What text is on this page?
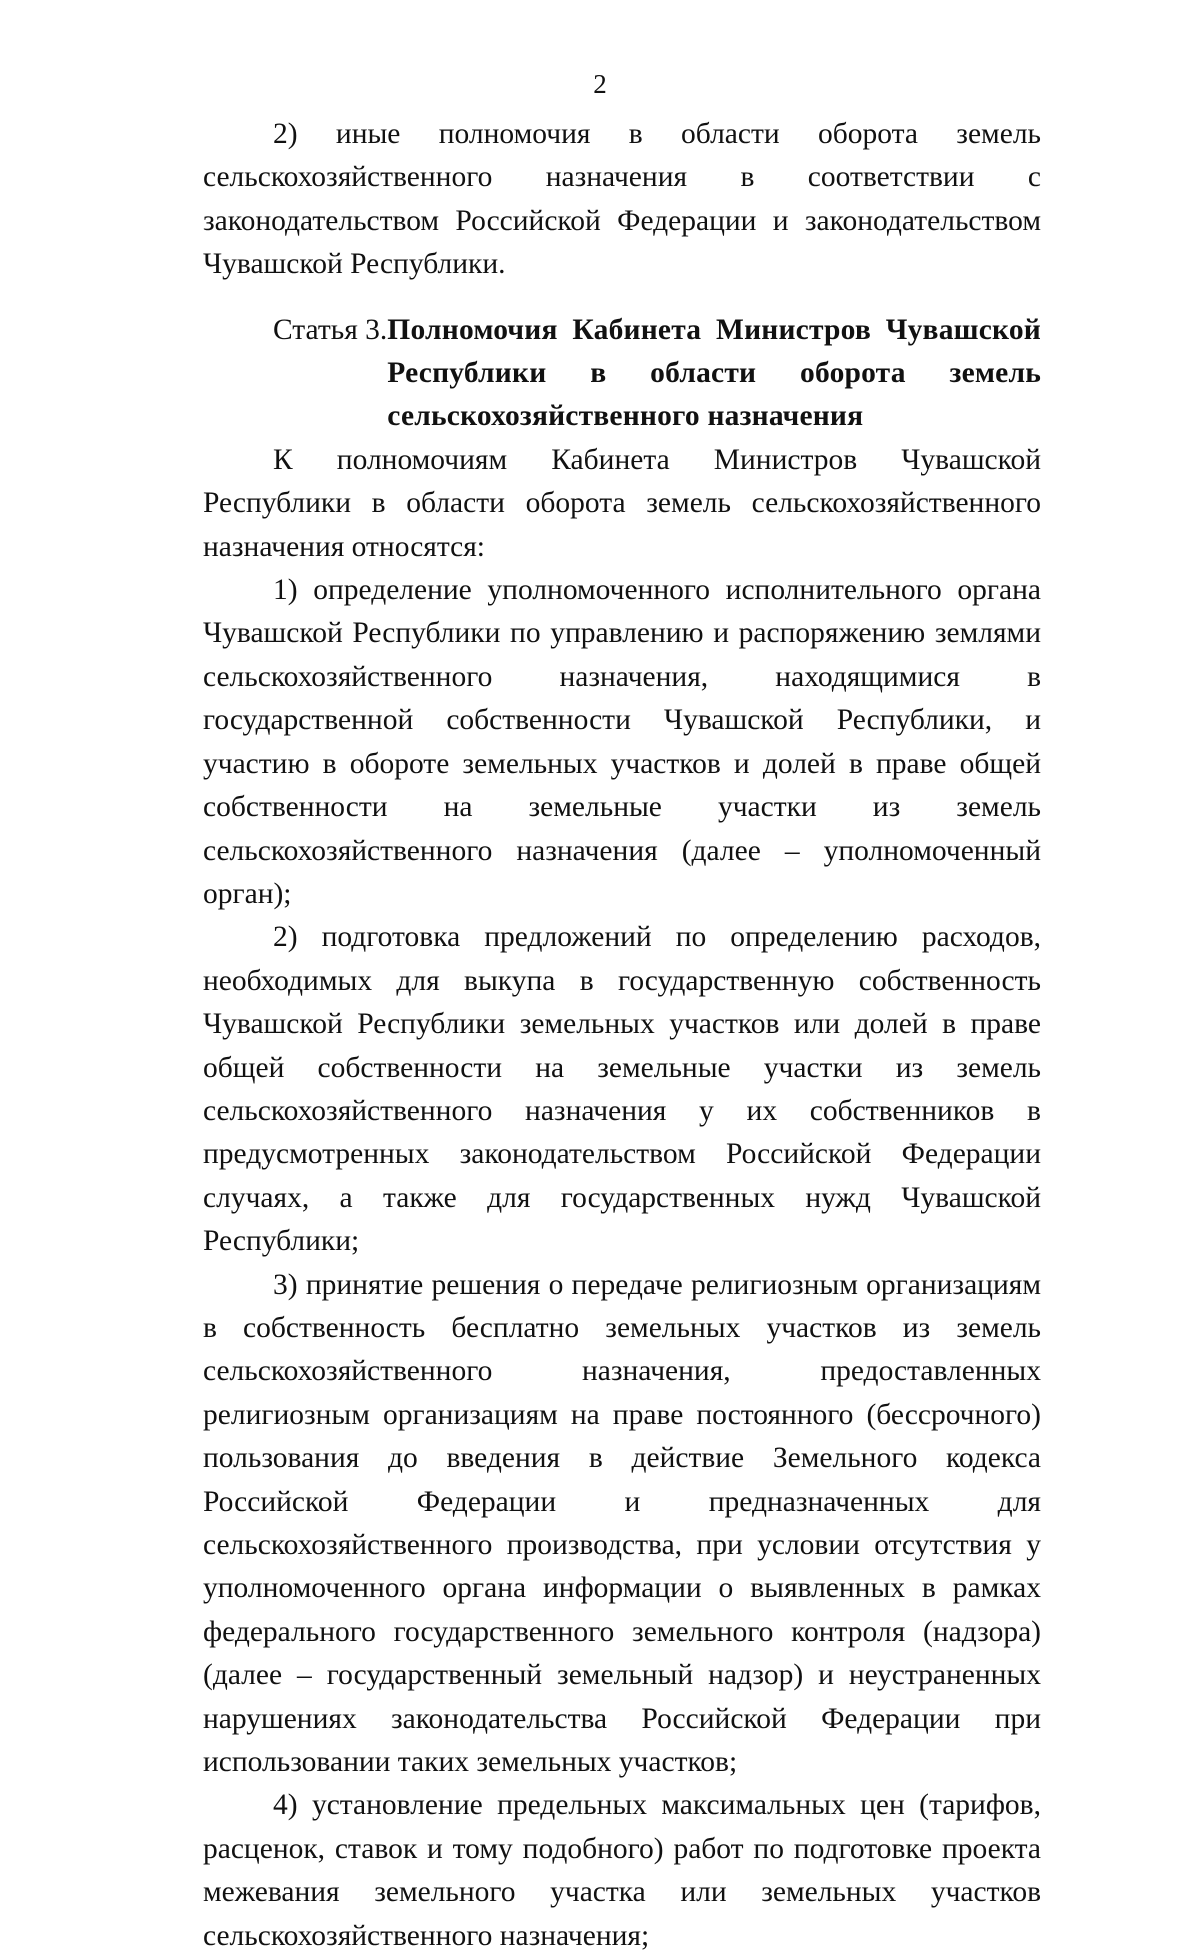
2

2) иные полномочия в области оборота земель сельскохозяйственного назначения в соответствии с законодательством Российской Федерации и законодательством Чувашской Республики.

Статья 3. Полномочия Кабинета Министров Чувашской Республики в области оборота земель сельскохозяйственного назначения

К полномочиям Кабинета Министров Чувашской Республики в области оборота земель сельскохозяйственного назначения относятся:

1) определение уполномоченного исполнительного органа Чувашской Республики по управлению и распоряжению землями сельскохозяйственного назначения, находящимися в государственной собственности Чувашской Республики, и участию в обороте земельных участков и долей в праве общей собственности на земельные участки из земель сельскохозяйственного назначения (далее – уполномоченный орган);

2) подготовка предложений по определению расходов, необходимых для выкупа в государственную собственность Чувашской Республики земельных участков или долей в праве общей собственности на земельные участки из земель сельскохозяйственного назначения у их собственников в предусмотренных законодательством Российской Федерации случаях, а также для государственных нужд Чувашской Республики;

3) принятие решения о передаче религиозным организациям в собственность бесплатно земельных участков из земель сельскохозяйственного назначения, предоставленных религиозным организациям на праве постоянного (бессрочного) пользования до введения в действие Земельного кодекса Российской Федерации и предназначенных для сельскохозяйственного производства, при условии отсутствия у уполномоченного органа информации о выявленных в рамках федерального государственного земельного контроля (надзора) (далее – государственный земельный надзор) и неустраненных нарушениях законодательства Российской Федерации при использовании таких земельных участков;

4) установление предельных максимальных цен (тарифов, расценок, ставок и тому подобного) работ по подготовке проекта межевания земельного участка или земельных участков сельскохозяйственного назначения;
